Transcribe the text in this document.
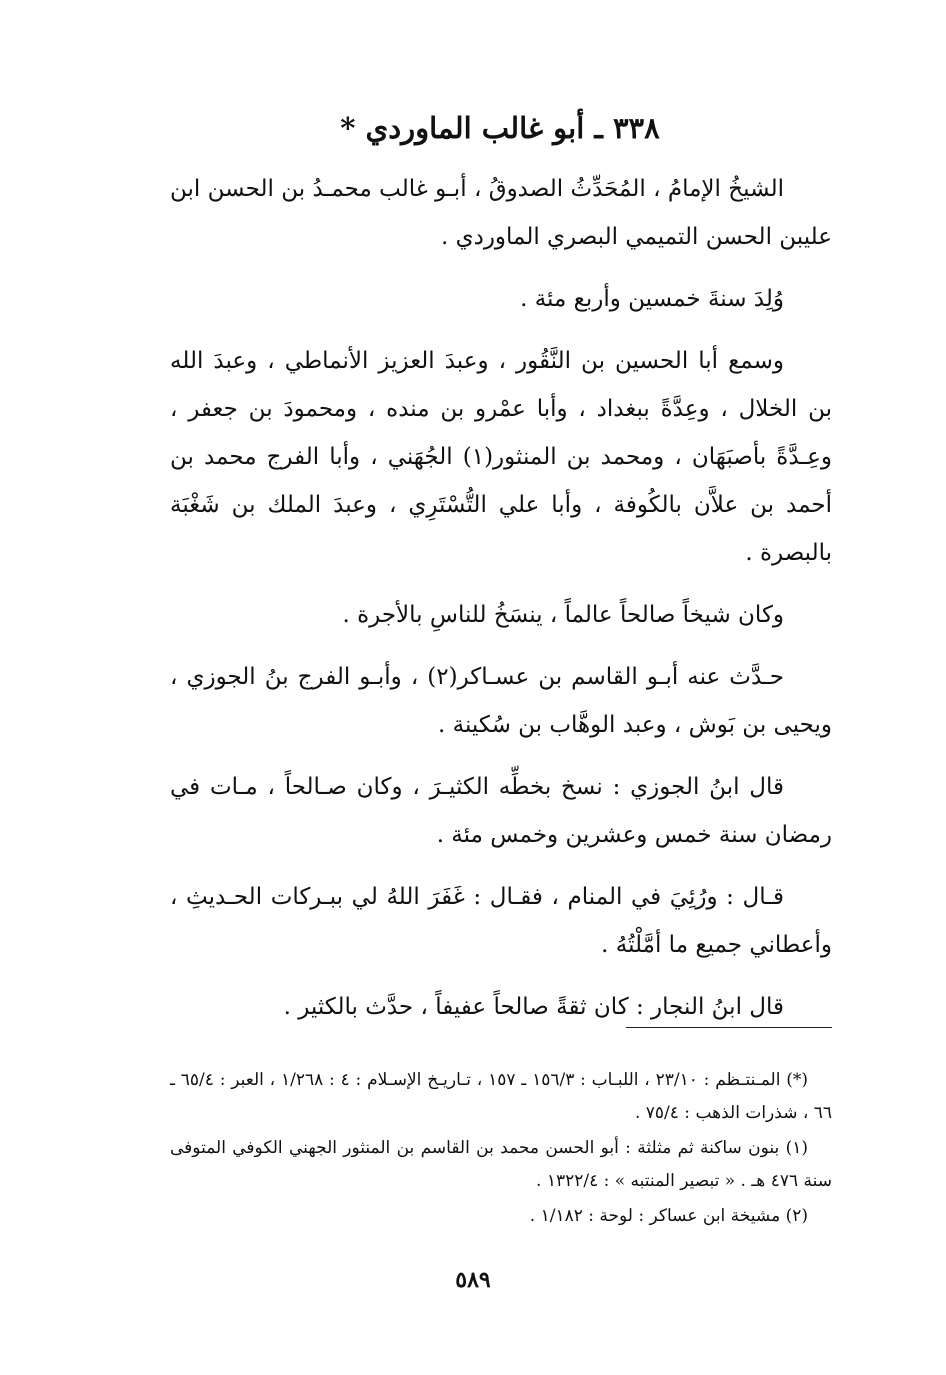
٣٣٨ ـ أبو غالب الماوردي *

الشيخُ الإمامُ ، المُحَدِّثُ الصدوقُ ، أبـو غالب محمـدُ بن الحسن ابن عليبن الحسن التميمي البصري الماوردي .

وُلِدَ سنةَ خمسين وأربع مئة .

وسمع أبا الحسين بن النَّقُور ، وعبدَ العزيز الأنماطي ، وعبدَ الله بن الخلال ، وعِدَّةً ببغداد ، وأبا عمْرو بن منده ، ومحمودَ بن جعفر ، وعِـدَّةً بأصبَهَان ، ومحمد بن المنثور(١) الجُهَني ، وأبا الفرج محمد بن أحمد بن علاَّن بالكُوفة ، وأبا علي التُّسْتَرِي ، وعبدَ الملك بن شَغْبَة بالبصرة .

وكان شيخاً صالحاً عالماً ، ينسَخُ للناسِ بالأجرة .

حـدَّث عنه أبـو القاسم بن عسـاكر(٢) ، وأبـو الفرج بنُ الجوزي ، ويحيى بن بَوش ، وعبد الوهَّاب بن سُكينة .

قال ابنُ الجوزي : نسخ بخطِّه الكثيـرَ ، وكان صـالحاً ، مـات في رمضان سنة خمس وعشرين وخمس مئة .

قـال : ورُئِيَ في المنام ، فقـال : غَفَرَ اللهُ لي ببـركات الحـديثِ ، وأعطاني جميع ما أمَّلْتُهُ .

قال ابنُ النجار : كان ثقةً صالحاً عفيفاً ، حدَّث بالكثير .

(*) المـنتـظم : ٢٣/١٠ ، اللبـاب : ١٥٦/٣ ـ ١٥٧ ، تـاريـخ الإسـلام : ٤ : ١/٢٦٨ ، العبر : ٦٥/٤ ـ ٦٦ ، شذرات الذهب : ٧٥/٤ .

(١) بنون ساكنة ثم مثلثة : أبو الحسن محمد بن القاسم بن المنثور الجهني الكوفي المتوفى سنة ٤٧٦ هـ . « تبصير المنتبه » : ١٣٢٢/٤ .

(٢) مشيخة ابن عساكر : لوحة : ١/١٨٢ .

٥٨٩
